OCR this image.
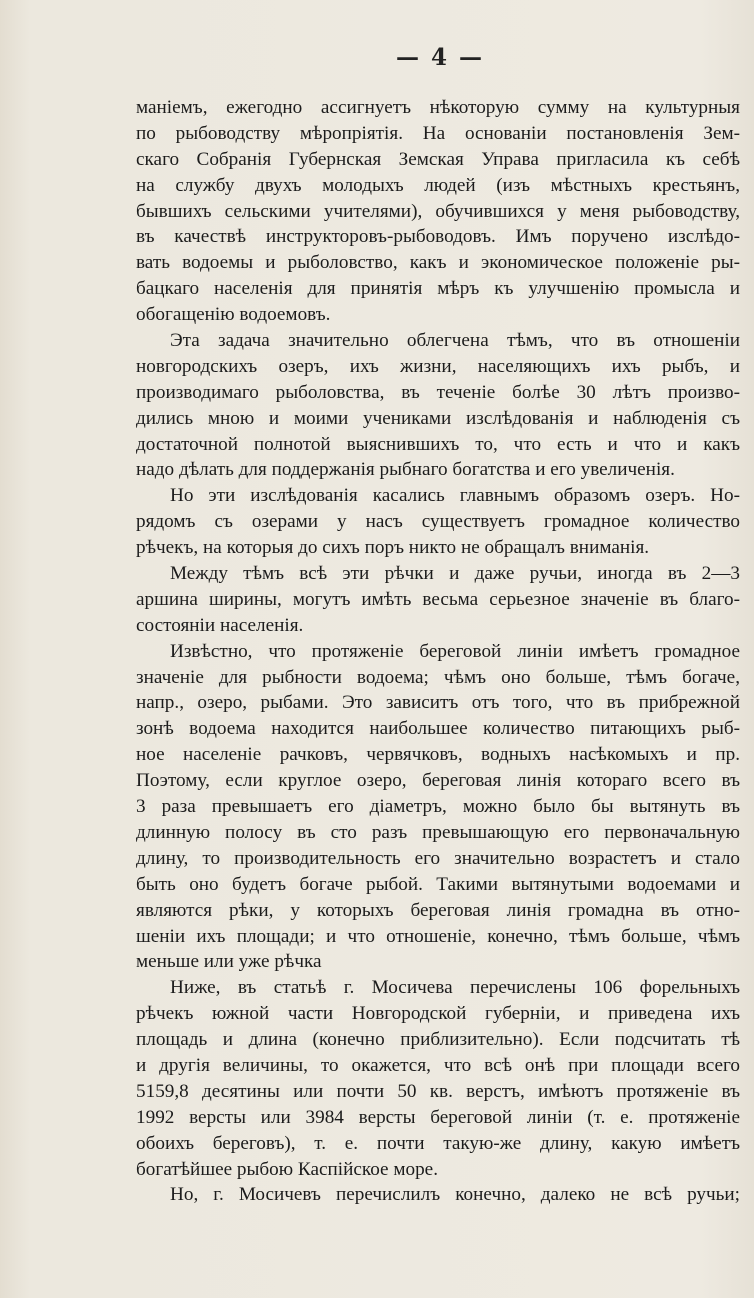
— 4 —
маніемъ, ежегодно ассигнуетъ нѣкоторую сумму на культурныя
по рыбоводству мѣропріятія. На основаніи постановленія Зем-
скаго Собранія Губернская Земская Управа пригласила къ себѣ
на службу двухъ молодыхъ людей (изъ мѣстныхъ крестьянъ,
бывшихъ сельскими учителями), обучившихся у меня рыбоводству,
въ качествѣ инструкторовъ-рыбоводовъ. Имъ поручено изслѣдо-
вать водоемы и рыболовство, какъ и экономическое положеніе ры-
бацкаго населенія для принятія мѣръ къ улучшенію промысла и
обогащенію водоемовъ.
Эта задача значительно облегчена тѣмъ, что въ отношеніи
новгородскихъ озеръ, ихъ жизни, населяющихъ ихъ рыбъ, и
производимаго рыболовства, въ теченіе болѣе 30 лѣтъ произво-
дились мною и моими учениками изслѣдованія и наблюденія съ
достаточной полнотой выяснившихъ то, что есть и что и какъ
надо дѣлать для поддержанія рыбнаго богатства и его увеличенія.
Но эти изслѣдованія касались главнымъ образомъ озеръ. Но-
рядомъ съ озерами у насъ существуетъ громадное количество
рѣчекъ, на которыя до сихъ поръ никто не обращалъ вниманія.
Между тѣмъ всѣ эти рѣчки и даже ручьи, иногда въ 2—3
аршина ширины, могутъ имѣть весьма серьезное значеніе въ благо-
состояніи населенія.
Извѣстно, что протяженіе береговой линіи имѣетъ громадное
значеніе для рыбности водоема; чѣмъ оно больше, тѣмъ богаче,
напр., озеро, рыбами. Это зависитъ отъ того, что въ прибрежной
зонѣ водоема находится наибольшее количество питающихъ рыб-
ное населеніе рачковъ, червячковъ, водныхъ насѣкомыхъ и пр.
Поэтому, если круглое озеро, береговая линія котораго всего въ
3 раза превышаетъ его діаметръ, можно было бы вытянуть въ
длинную полосу въ сто разъ превышающую его первоначальную
длину, то производительность его значительно возрастетъ и стало
быть оно будетъ богаче рыбой. Такими вытянутыми водоемами и
являются рѣки, у которыхъ береговая линія громадна въ отно-
шеніи ихъ площади; и что отношеніе, конечно, тѣмъ больше, чѣмъ
меньше или уже рѣчка
Ниже, въ статьѣ г. Мосичева перечислены 106 форельныхъ
рѣчекъ южной части Новгородской губерніи, и приведена ихъ
площадь и длина (конечно приблизительно). Если подсчитать тѣ
и другія величины, то окажется, что всѣ онѣ при площади всего
5159,8 десятины или почти 50 кв. верстъ, имѣютъ протяженіе въ
1992 версты или 3984 версты береговой линіи (т. е. протяженіе
обоихъ береговъ), т. е. почти такую-же длину, какую имѣетъ
богатѣйшее рыбою Каспійское море.
Но, г. Мосичевъ перечислилъ конечно, далеко не всѣ ручьи;
